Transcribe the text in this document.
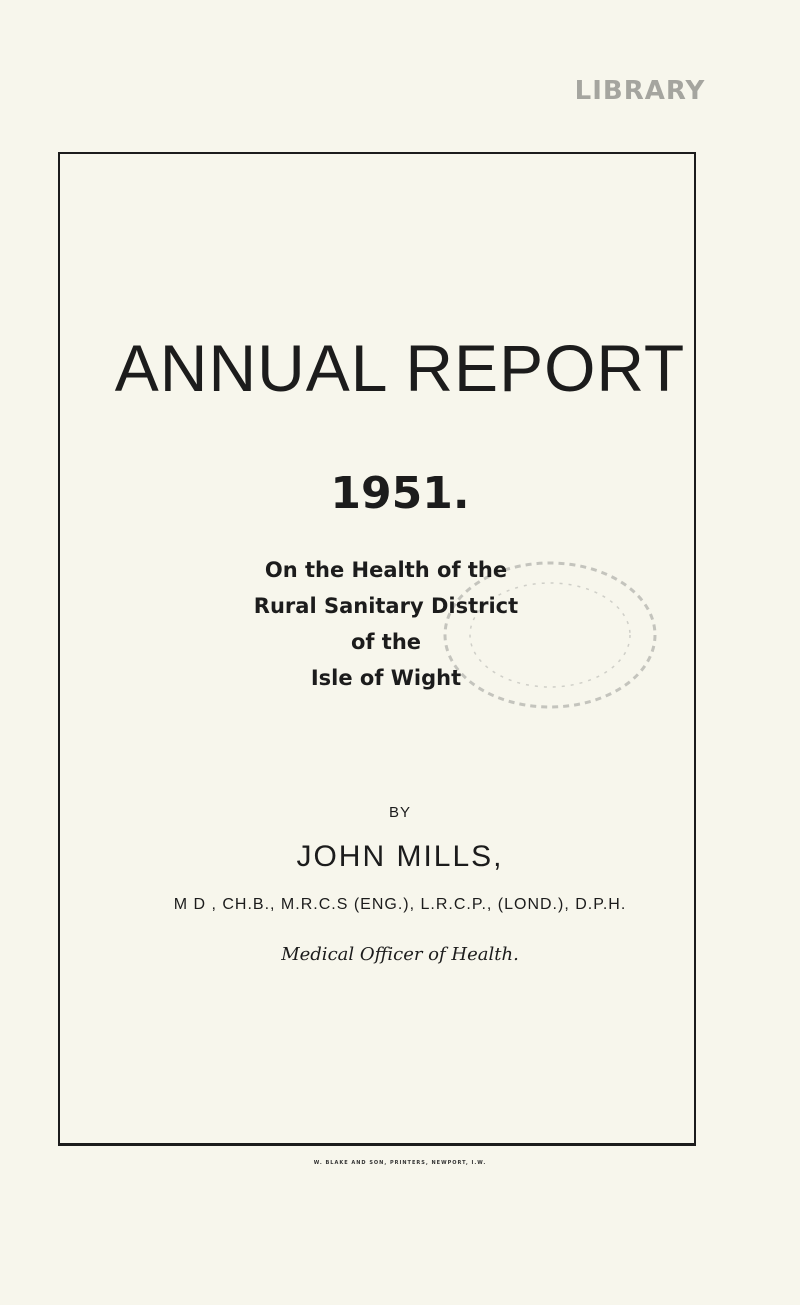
LIBRARY
ANNUAL REPORT
1951.
On the Health of the
Rural Sanitary District
of the
Isle of Wight
BY
JOHN MILLS,
M D , CH.B., M.R.C.S (ENG.), L.R.C.P., (LOND.), D.P.H.
Medical Officer of Health.
W. BLAKE AND SON, PRINTERS, NEWPORT, I.W.
